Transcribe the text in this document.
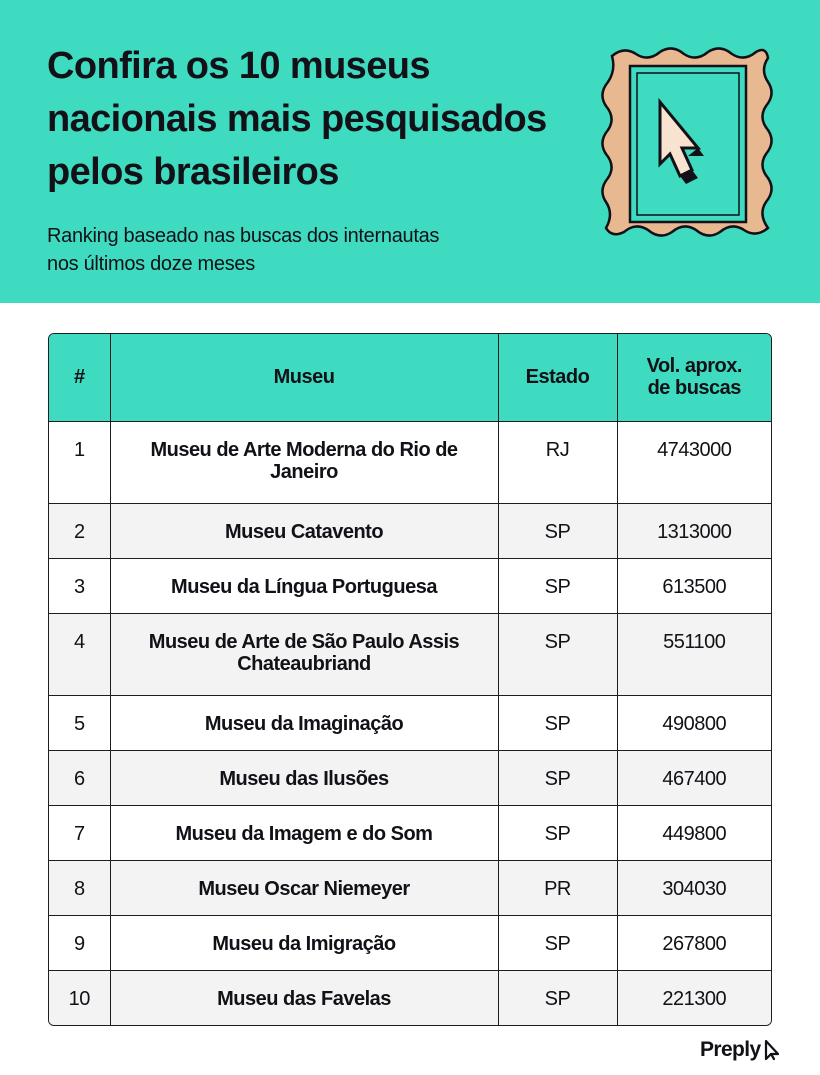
Confira os 10 museus nacionais mais pesquisados pelos brasileiros

Ranking baseado nas buscas dos internautas nos últimos doze meses

#	Museu	Estado	Vol. aprox. de buscas

1	Museu de Arte Moderna do Rio de Janeiro	RJ	4743000
2	Museu Catavento	SP	1313000
3	Museu da Língua Portuguesa	SP	613500
4	Museu de Arte de São Paulo Assis Chateaubriand	SP	551100
5	Museu da Imaginação	SP	490800
6	Museu das Ilusões	SP	467400
7	Museu da Imagem e do Som	SP	449800
8	Museu Oscar Niemeyer	PR	304030
9	Museu da Imigração	SP	267800
10	Museu das Favelas	SP	221300
Preply
